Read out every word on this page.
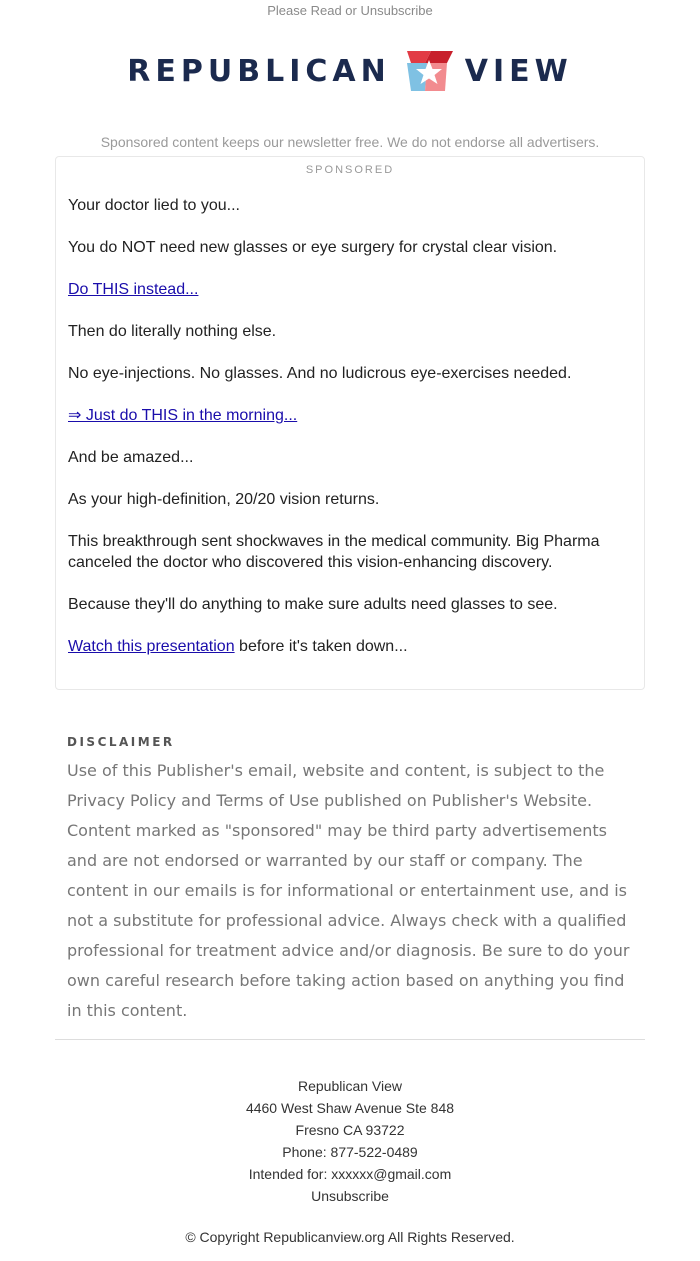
Please Read or Unsubscribe
REPUBLICAN VIEW
Sponsored content keeps our newsletter free. We do not endorse all advertisers.
SPONSORED

Your doctor lied to you...

You do NOT need new glasses or eye surgery for crystal clear vision.

Do THIS instead...

Then do literally nothing else.

No eye-injections. No glasses. And no ludicrous eye-exercises needed.

⇒ Just do THIS in the morning...

And be amazed...

As your high-definition, 20/20 vision returns.

This breakthrough sent shockwaves in the medical community. Big Pharma canceled the doctor who discovered this vision-enhancing discovery.

Because they'll do anything to make sure adults need glasses to see.

Watch this presentation before it's taken down...

DISCLAIMER

Use of this Publisher's email, website and content, is subject to the Privacy Policy and Terms of Use published on Publisher's Website. Content marked as "sponsored" may be third party advertisements and are not endorsed or warranted by our staff or company. The content in our emails is for informational or entertainment use, and is not a substitute for professional advice. Always check with a qualified professional for treatment advice and/or diagnosis. Be sure to do your own careful research before taking action based on anything you find in this content.

Republican View
4460 West Shaw Avenue Ste 848
Fresno CA 93722
Phone: 877-522-0489
Intended for: xxxxxx@gmail.com
Unsubscribe
© Copyright Republicanview.org All Rights Reserved.
